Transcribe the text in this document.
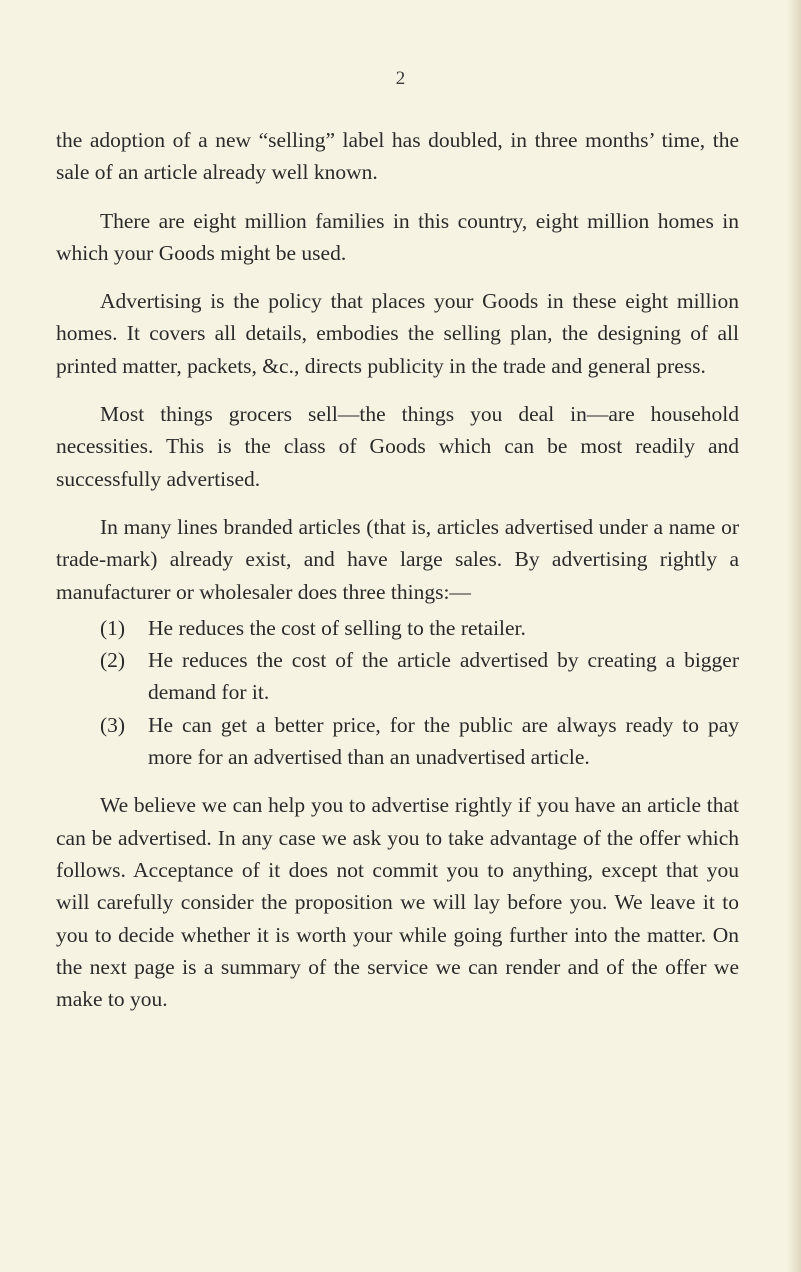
2

the adoption of a new “selling” label has doubled, in three months’ time, the sale of an article already well known.

There are eight million families in this country, eight million homes in which your Goods might be used.

Advertising is the policy that places your Goods in these eight million homes. It covers all details, embodies the selling plan, the designing of all printed matter, packets, &c., directs publicity in the trade and general press.

Most things grocers sell—the things you deal in—are household necessities. This is the class of Goods which can be most readily and successfully advertised.

In many lines branded articles (that is, articles advertised under a name or trade-mark) already exist, and have large sales. By advertising rightly a manufacturer or wholesaler does three things:—

(1)	He reduces the cost of selling to the retailer.
(2)	He reduces the cost of the article advertised by creating a bigger demand for it.
(3)	He can get a better price, for the public are always ready to pay more for an advertised than an unadvertised article.

We believe we can help you to advertise rightly if you have an article that can be advertised. In any case we ask you to take advantage of the offer which follows. Acceptance of it does not commit you to anything, except that you will carefully consider the proposition we will lay before you. We leave it to you to decide whether it is worth your while going further into the matter. On the next page is a summary of the service we can render and of the offer we make to you.
